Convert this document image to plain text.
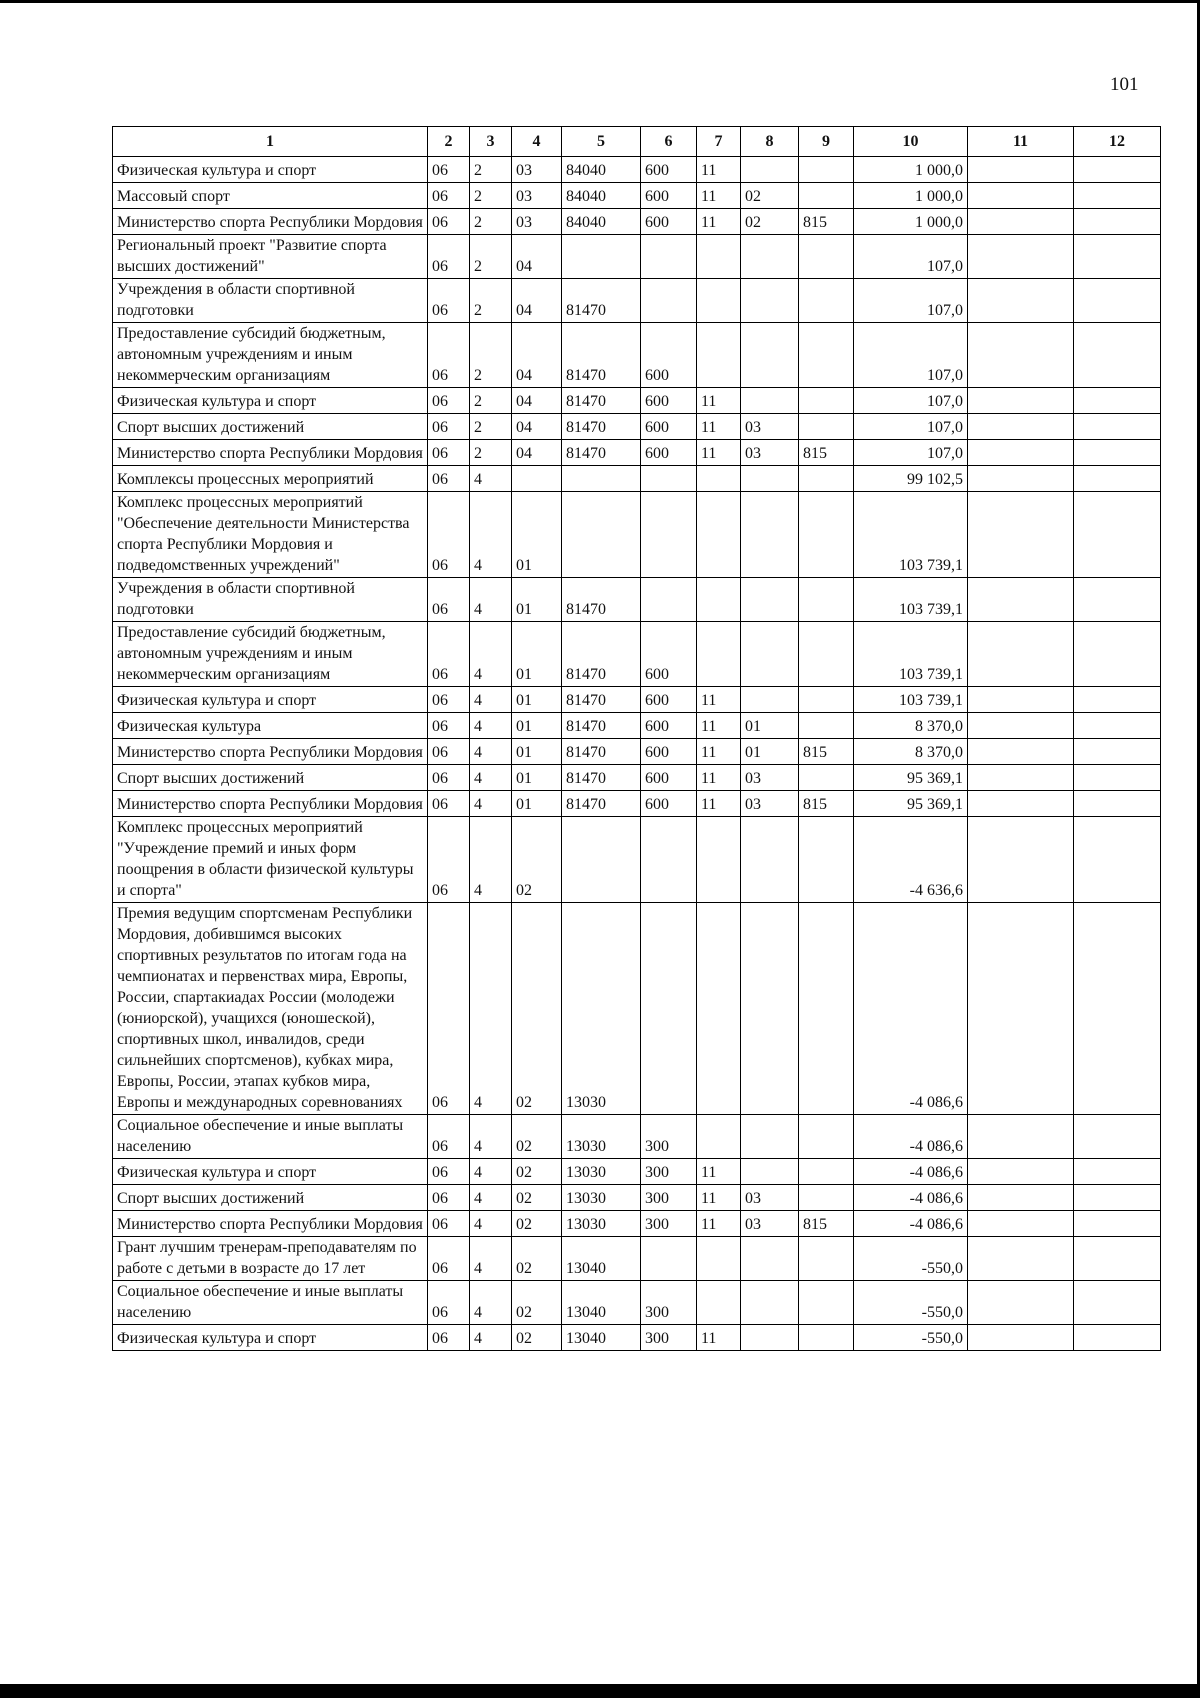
101
1	2	3	4	5	6	7	8	9	10	11	12
Физическая культура и спорт	06	2	03	84040	600	11			1 000,0		
Массовый спорт	06	2	03	84040	600	11	02		1 000,0		
Министерство спорта Республики Мордовия	06	2	03	84040	600	11	02	815	1 000,0		
Региональный проект "Развитие спорта высших достижений"	06	2	04						107,0		
Учреждения в области спортивной подготовки	06	2	04	81470					107,0		
Предоставление субсидий бюджетным, автономным учреждениям и иным некоммерческим организациям	06	2	04	81470	600				107,0		
Физическая культура и спорт	06	2	04	81470	600	11			107,0		
Спорт высших достижений	06	2	04	81470	600	11	03		107,0		
Министерство спорта Республики Мордовия	06	2	04	81470	600	11	03	815	107,0		
Комплексы процессных мероприятий	06	4							99 102,5		
Комплекс процессных мероприятий "Обеспечение деятельности Министерства спорта Республики Мордовия и подведомственных учреждений"	06	4	01						103 739,1		
Учреждения в области спортивной подготовки	06	4	01	81470					103 739,1		
Предоставление субсидий бюджетным, автономным учреждениям и иным некоммерческим организациям	06	4	01	81470	600				103 739,1		
Физическая культура и спорт	06	4	01	81470	600	11			103 739,1		
Физическая культура	06	4	01	81470	600	11	01		8 370,0		
Министерство спорта Республики Мордовия	06	4	01	81470	600	11	01	815	8 370,0		
Спорт высших достижений	06	4	01	81470	600	11	03		95 369,1		
Министерство спорта Республики Мордовия	06	4	01	81470	600	11	03	815	95 369,1		
Комплекс процессных мероприятий "Учреждение премий и иных форм поощрения в области физической культуры и спорта"	06	4	02						-4 636,6		
Премия ведущим спортсменам Республики Мордовия, добившимся высоких спортивных результатов по итогам года на чемпионатах и первенствах мира, Европы, России, спартакиадах России (молодежи (юниорской), учащихся (юношеской), спортивных школ, инвалидов, среди сильнейших спортсменов), кубках мира, Европы, России, этапах кубков мира, Европы и международных соревнованиях	06	4	02	13030					-4 086,6		
Социальное обеспечение и иные выплаты населению	06	4	02	13030	300				-4 086,6		
Физическая культура и спорт	06	4	02	13030	300	11			-4 086,6		
Спорт высших достижений	06	4	02	13030	300	11	03		-4 086,6		
Министерство спорта Республики Мордовия	06	4	02	13030	300	11	03	815	-4 086,6		
Грант лучшим тренерам-преподавателям по работе с детьми в возрасте до 17 лет	06	4	02	13040					-550,0		
Социальное обеспечение и иные выплаты населению	06	4	02	13040	300				-550,0		
Физическая культура и спорт	06	4	02	13040	300	11			-550,0		
